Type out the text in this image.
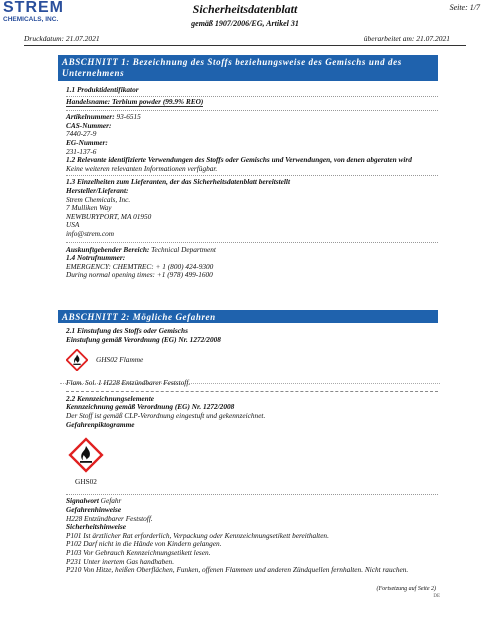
STREM
CHEMICALS, INC.
Sicherheitsdatenblatt
gemäß 1907/2006/EG, Artikel 31
Seite: 1/7
Druckdatum: 21.07.2021	überarbeitet am: 21.07.2021
ABSCHNITT 1: Bezeichnung des Stoffs beziehungsweise des Gemischs und des Unternehmens
1.1 Produktidentifikator
Handelsname: Terbium powder (99.9% REO)
Artikelnummer: 93-6515
CAS-Nummer:
7440-27-9
EG-Nummer:
231-137-6
1.2 Relevante identifizierte Verwendungen des Stoffs oder Gemischs und Verwendungen, von denen abgeraten wird
Keine weiteren relevanten Informationen verfügbar.
1.3 Einzelheiten zum Lieferanten, der das Sicherheitsdatenblatt bereitstellt
Hersteller/Lieferant:
Strem Chemicals, Inc.
7 Mulliken Way
NEWBURYPORT, MA 01950
USA
info@strem.com
Auskunftgebender Bereich: Technical Department
1.4 Notrufnummer:
EMERGENCY: CHEMTREC: + 1 (800) 424-9300
During normal opening times: +1 (978) 499-1600
ABSCHNITT 2: Mögliche Gefahren
2.1 Einstufung des Stoffs oder Gemischs
Einstufung gemäß Verordnung (EG) Nr. 1272/2008
GHS02 Flamme
Flam. Sol. 1 H228 Entzündbarer Feststoff.
2.2 Kennzeichnungselemente
Kennzeichnung gemäß Verordnung (EG) Nr. 1272/2008
Der Stoff ist gemäß CLP-Verordnung eingestuft und gekennzeichnet.
Gefahrenpiktogramme
GHS02
Signalwort Gefahr
Gefahrenhinweise
H228 Entzündbarer Feststoff.
Sicherheitshinweise
P101 Ist ärztlicher Rat erforderlich, Verpackung oder Kennzeichnungsetikett bereithalten.
P102 Darf nicht in die Hände von Kindern gelangen.
P103 Vor Gebrauch Kennzeichnungsetikett lesen.
P231 Unter inertem Gas handhaben.
P210 Von Hitze, heißen Oberflächen, Funken, offenen Flammen und anderen Zündquellen fernhalten. Nicht rauchen.
(Fortsetzung auf Seite 2)
DE
